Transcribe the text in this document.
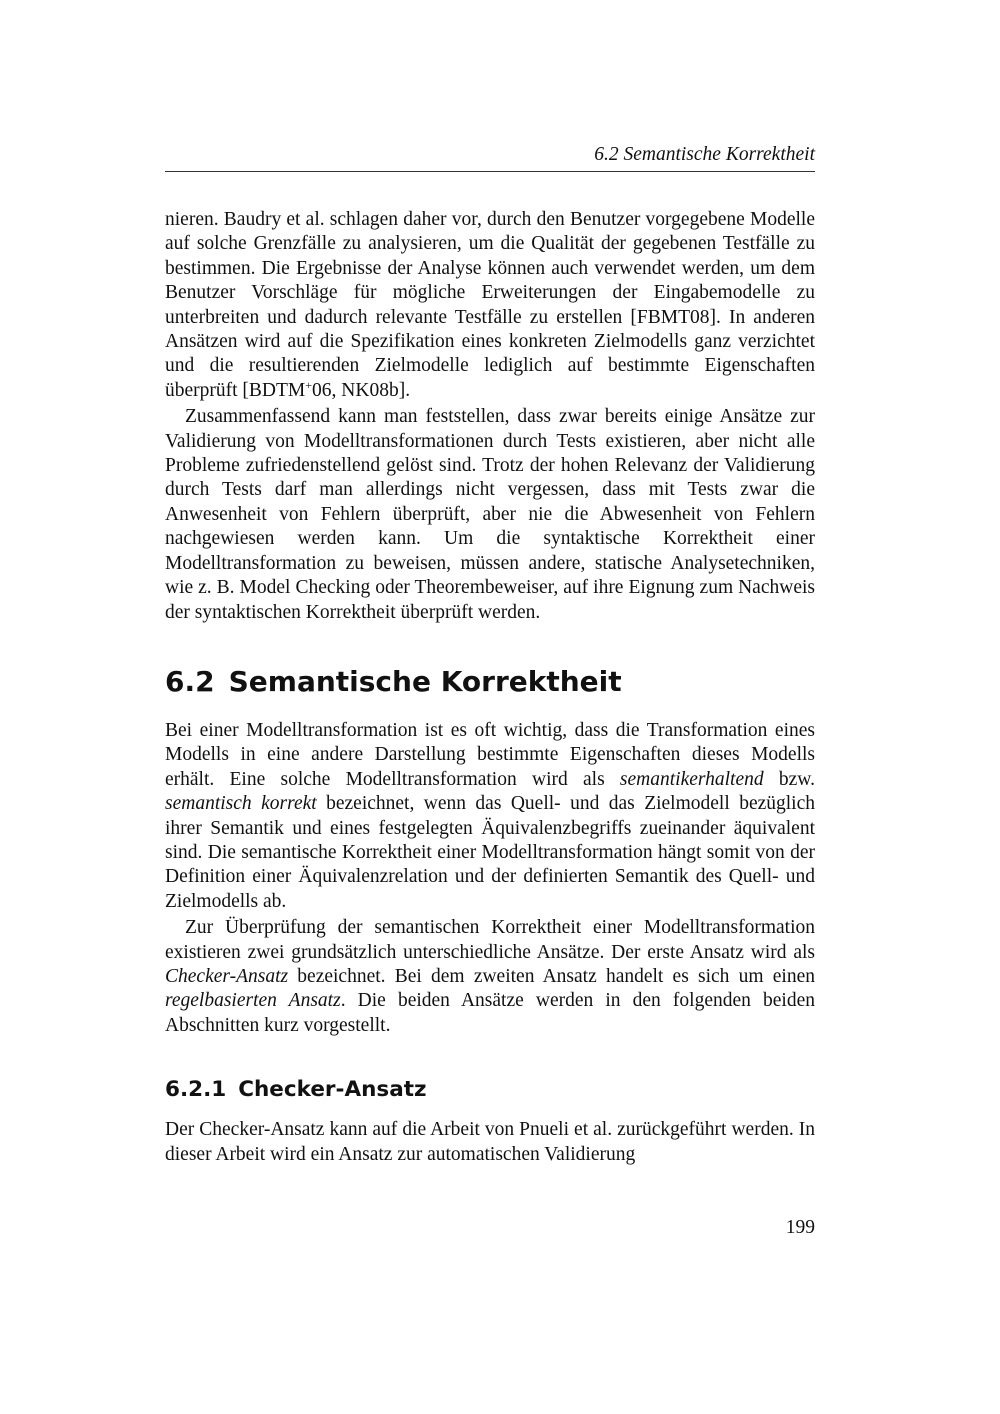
6.2 Semantische Korrektheit

nieren. Baudry et al. schlagen daher vor, durch den Benutzer vorgegebene Modelle auf solche Grenzfälle zu analysieren, um die Qualität der gegebenen Testfälle zu bestimmen. Die Ergebnisse der Analyse können auch verwendet werden, um dem Benutzer Vorschläge für mögliche Erweiterungen der Eingabemodelle zu unterbreiten und dadurch relevante Testfälle zu erstellen [FBMT08]. In anderen Ansätzen wird auf die Spezifikation eines konkreten Zielmodells ganz verzichtet und die resultierenden Zielmodelle lediglich auf bestimmte Eigenschaften überprüft [BDTM+06, NK08b].

Zusammenfassend kann man feststellen, dass zwar bereits einige Ansätze zur Validierung von Modelltransformationen durch Tests existieren, aber nicht alle Probleme zufriedenstellend gelöst sind. Trotz der hohen Relevanz der Validierung durch Tests darf man allerdings nicht vergessen, dass mit Tests zwar die Anwesenheit von Fehlern überprüft, aber nie die Abwesenheit von Fehlern nachgewiesen werden kann. Um die syntaktische Korrektheit einer Modelltransformation zu beweisen, müssen andere, statische Analysetechniken, wie z. B. Model Checking oder Theorembeweiser, auf ihre Eignung zum Nachweis der syntaktischen Korrektheit überprüft werden.

6.2 Semantische Korrektheit

Bei einer Modelltransformation ist es oft wichtig, dass die Transformation eines Modells in eine andere Darstellung bestimmte Eigenschaften dieses Modells erhält. Eine solche Modelltransformation wird als semantikerhaltend bzw. semantisch korrekt bezeichnet, wenn das Quell- und das Zielmodell bezüglich ihrer Semantik und eines festgelegten Äquivalenzbegriffs zueinander äquivalent sind. Die semantische Korrektheit einer Modelltransformation hängt somit von der Definition einer Äquivalenzrelation und der definierten Semantik des Quell- und Zielmodells ab.

Zur Überprüfung der semantischen Korrektheit einer Modelltransformation existieren zwei grundsätzlich unterschiedliche Ansätze. Der erste Ansatz wird als Checker-Ansatz bezeichnet. Bei dem zweiten Ansatz handelt es sich um einen regelbasierten Ansatz. Die beiden Ansätze werden in den folgenden beiden Abschnitten kurz vorgestellt.

6.2.1 Checker-Ansatz

Der Checker-Ansatz kann auf die Arbeit von Pnueli et al. zurückgeführt werden. In dieser Arbeit wird ein Ansatz zur automatischen Validierung

199
